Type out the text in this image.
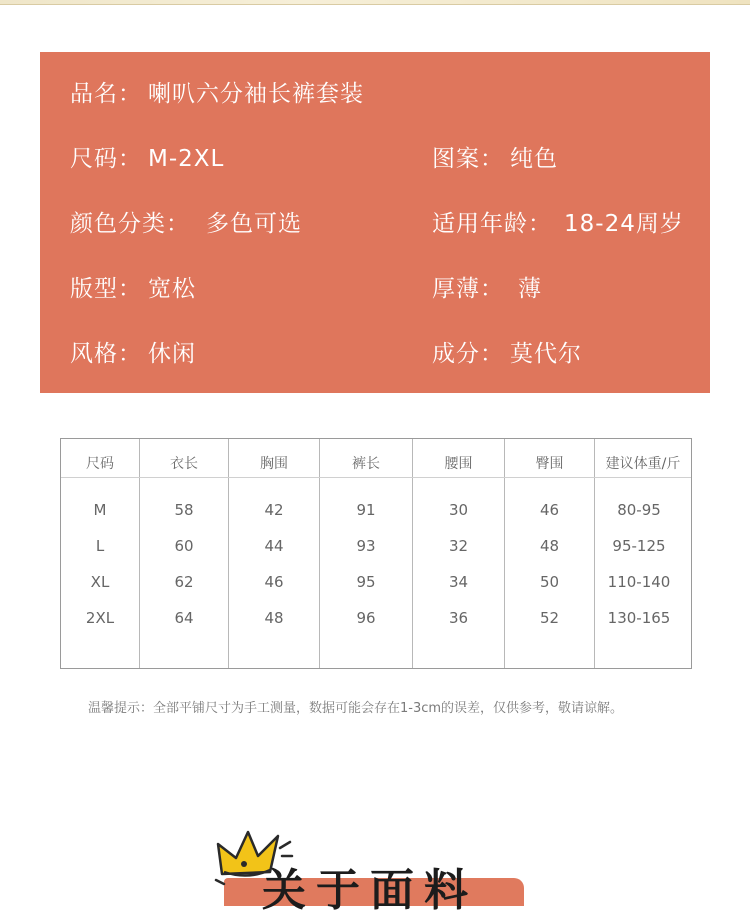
品名： 喇叭六分袖长裤套装
尺码： M-2XL	图案： 纯色
颜色分类： 多色可选	适用年龄： 18-24周岁
版型： 宽松	厚薄： 薄
风格： 休闲	成分： 莫代尔
尺码	衣长	胸围	裤长	腰围	臀围	建议体重/斤
M	58	42	91	30	46	80-95
L	60	44	93	32	48	95-125
XL	62	46	95	34	50	110-140
2XL	64	48	96	36	52	130-165
温馨提示：全部平铺尺寸为手工测量，数据可能会存在1-3cm的误差，仅供参考，敬请谅解。
关于面料
